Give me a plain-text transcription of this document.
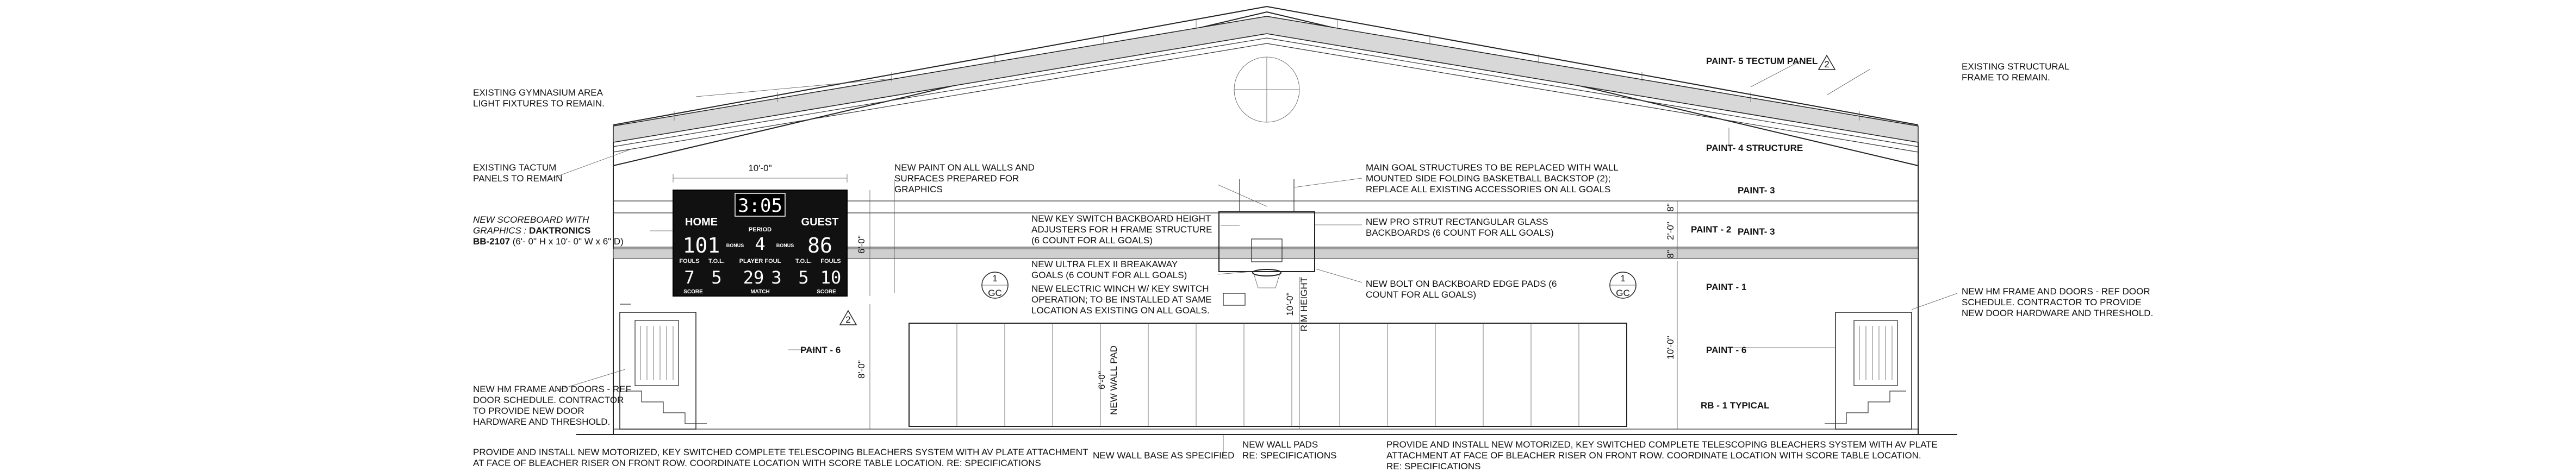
3:05
HOME
PERIOD
GUEST
101 4
BONUS	BONUS 86
FOULS T.O.L. PLAYER FOUL T.O.L. FOULS
7 5 29 3 5 10
SCORE	MATCH	SCORE
10'-0"
6'-0"
8'-0"
6'-0" NEW WALL PAD
10'-0" RIM HEIGHT
8"
2'-0"
8"
10'-0"
2
2
1
GC
1
GC
EXISTING GYMNASIUM AREA LIGHT FIXTURES TO REMAIN.
EXISTING TACTUM PANELS TO REMAIN
NEW SCOREBOARD WITH GRAPHICS : DAKTRONICS BB-2107 (6'- 0" H x 10'- 0" W x 6" D)
NEW HM FRAME AND DOORS - REF DOOR SCHEDULE. CONTRACTOR TO PROVIDE NEW DOOR HARDWARE AND THRESHOLD.
PROVIDE AND INSTALL NEW MOTORIZED, KEY SWITCHED COMPLETE TELESCOPING BLEACHERS SYSTEM WITH AV PLATE ATTACHMENT AT FACE OF BLEACHER RISER ON FRONT ROW. COORDINATE LOCATION WITH SCORE TABLE LOCATION. RE: SPECIFICATIONS
NEW PAINT ON ALL WALLS AND SURFACES PREPARED FOR GRAPHICS
NEW KEY SWITCH BACKBOARD HEIGHT ADJUSTERS FOR H FRAME STRUCTURE (6 COUNT FOR ALL GOALS)
NEW ULTRA FLEX II BREAKAWAY GOALS (6 COUNT FOR ALL GOALS)
NEW ELECTRIC WINCH W/ KEY SWITCH OPERATION; TO BE INSTALLED AT SAME LOCATION AS EXISTING ON ALL GOALS.
MAIN GOAL STRUCTURES TO BE REPLACED WITH WALL MOUNTED SIDE FOLDING BASKETBALL BACKSTOP (2); REPLACE ALL EXISTING ACCESSORIES ON ALL GOALS
NEW PRO STRUT RECTANGULAR GLASS BACKBOARDS (6 COUNT FOR ALL GOALS)
NEW BOLT ON BACKBOARD EDGE PADS (6 COUNT FOR ALL GOALS)
NEW WALL BASE AS SPECIFIED
NEW WALL PADS RE: SPECIFICATIONS
PROVIDE AND INSTALL NEW MOTORIZED, KEY SWITCHED COMPLETE TELESCOPING BLEACHERS SYSTEM WITH AV PLATE ATTACHMENT AT FACE OF BLEACHER RISER ON FRONT ROW. COORDINATE LOCATION WITH SCORE TABLE LOCATION. RE: SPECIFICATIONS
PAINT- 5 TECTUM PANEL
PAINT- 4 STRUCTURE
EXISTING STRUCTURAL FRAME TO REMAIN.
NEW HM FRAME AND DOORS - REF DOOR SCHEDULE. CONTRACTOR TO PROVIDE NEW DOOR HARDWARE AND THRESHOLD.
RB - 1 TYPICAL
PAINT - 6
PAINT- 3
PAINT - 2 PAINT- 3
PAINT - 1
PAINT - 6
